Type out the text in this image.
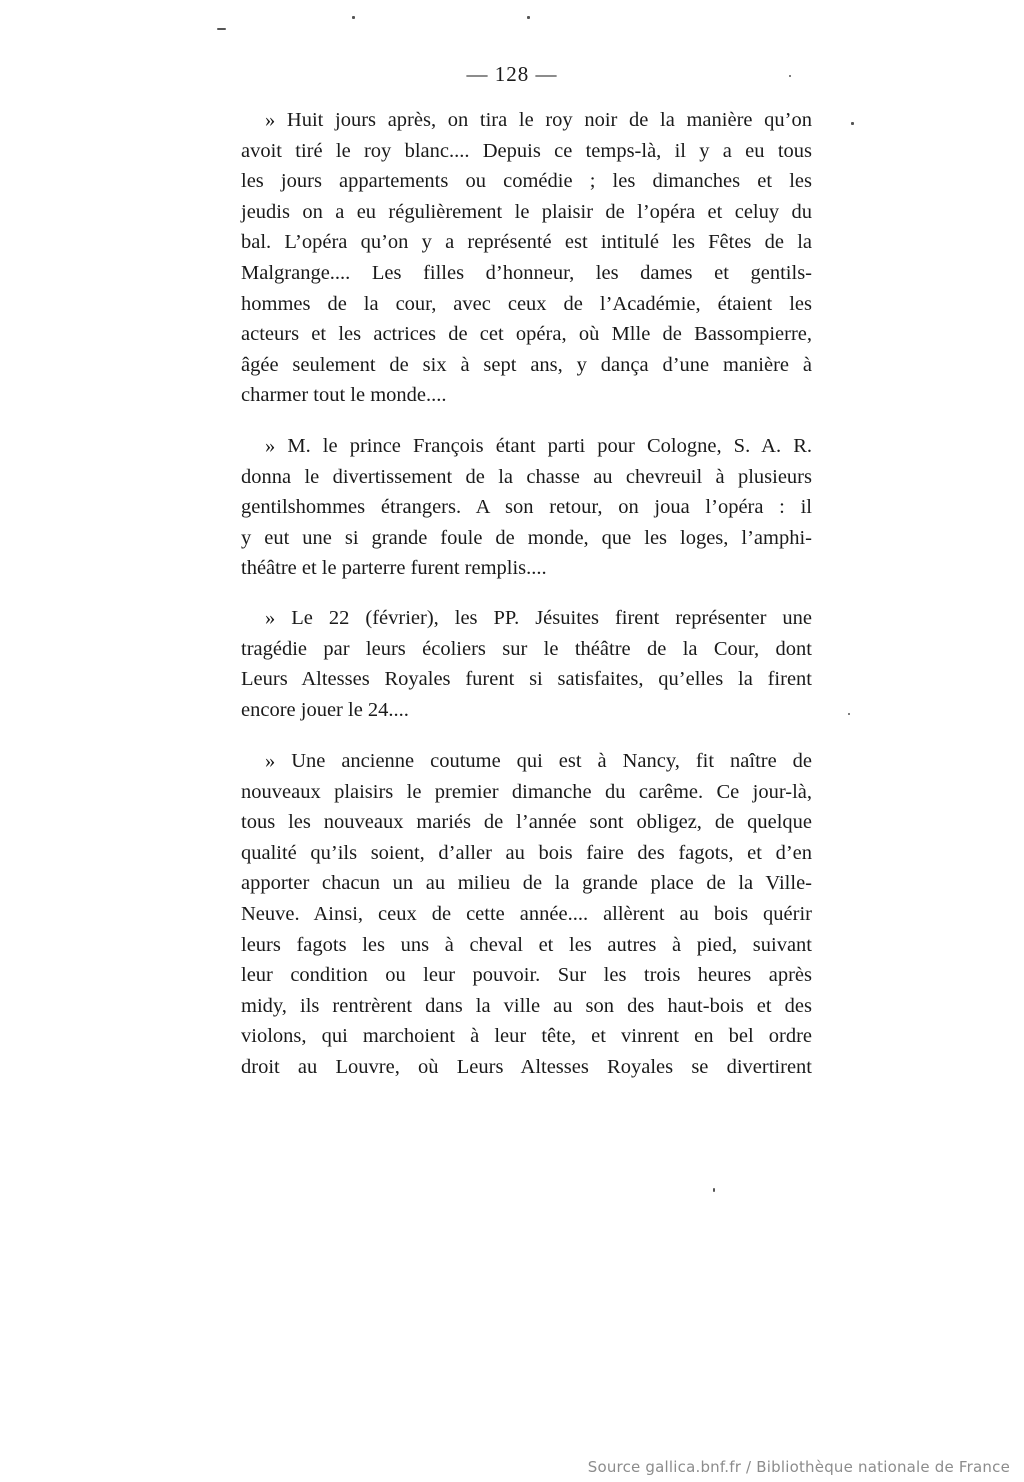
— 128 —
» Huit jours après, on tira le roy noir de la manière qu’on
avoit tiré le roy blanc.... Depuis ce temps-là, il y a eu tous
les jours appartements ou comédie ; les dimanches et les
jeudis on a eu régulièrement le plaisir de l’opéra et celuy du
bal. L’opéra qu’on y a représenté est intitulé les Fêtes de la
Malgrange.... Les filles d’honneur, les dames et gentils-
hommes de la cour, avec ceux de l’Académie, étaient les
acteurs et les actrices de cet opéra, où Mlle de Bassompierre,
âgée seulement de six à sept ans, y dança d’une manière à
charmer tout le monde....
» M. le prince François étant parti pour Cologne, S. A. R.
donna le divertissement de la chasse au chevreuil à plusieurs
gentilshommes étrangers. A son retour, on joua l’opéra : il
y eut une si grande foule de monde, que les loges, l’amphi-
théâtre et le parterre furent remplis....
» Le 22 (février), les PP. Jésuites firent représenter une
tragédie par leurs écoliers sur le théâtre de la Cour, dont
Leurs Altesses Royales furent si satisfaites, qu’elles la firent
encore jouer le 24....
» Une ancienne coutume qui est à Nancy, fit naître de
nouveaux plaisirs le premier dimanche du carême. Ce jour-là,
tous les nouveaux mariés de l’année sont obligez, de quelque
qualité qu’ils soient, d’aller au bois faire des fagots, et d’en
apporter chacun un au milieu de la grande place de la Ville-
Neuve. Ainsi, ceux de cette année.... allèrent au bois quérir
leurs fagots les uns à cheval et les autres à pied, suivant
leur condition ou leur pouvoir. Sur les trois heures après
midy, ils rentrèrent dans la ville au son des haut-bois et des
violons, qui marchoient à leur tête, et vinrent en bel ordre
droit au Louvre, où Leurs Altesses Royales se divertirent
Source gallica.bnf.fr / Bibliothèque nationale de France
